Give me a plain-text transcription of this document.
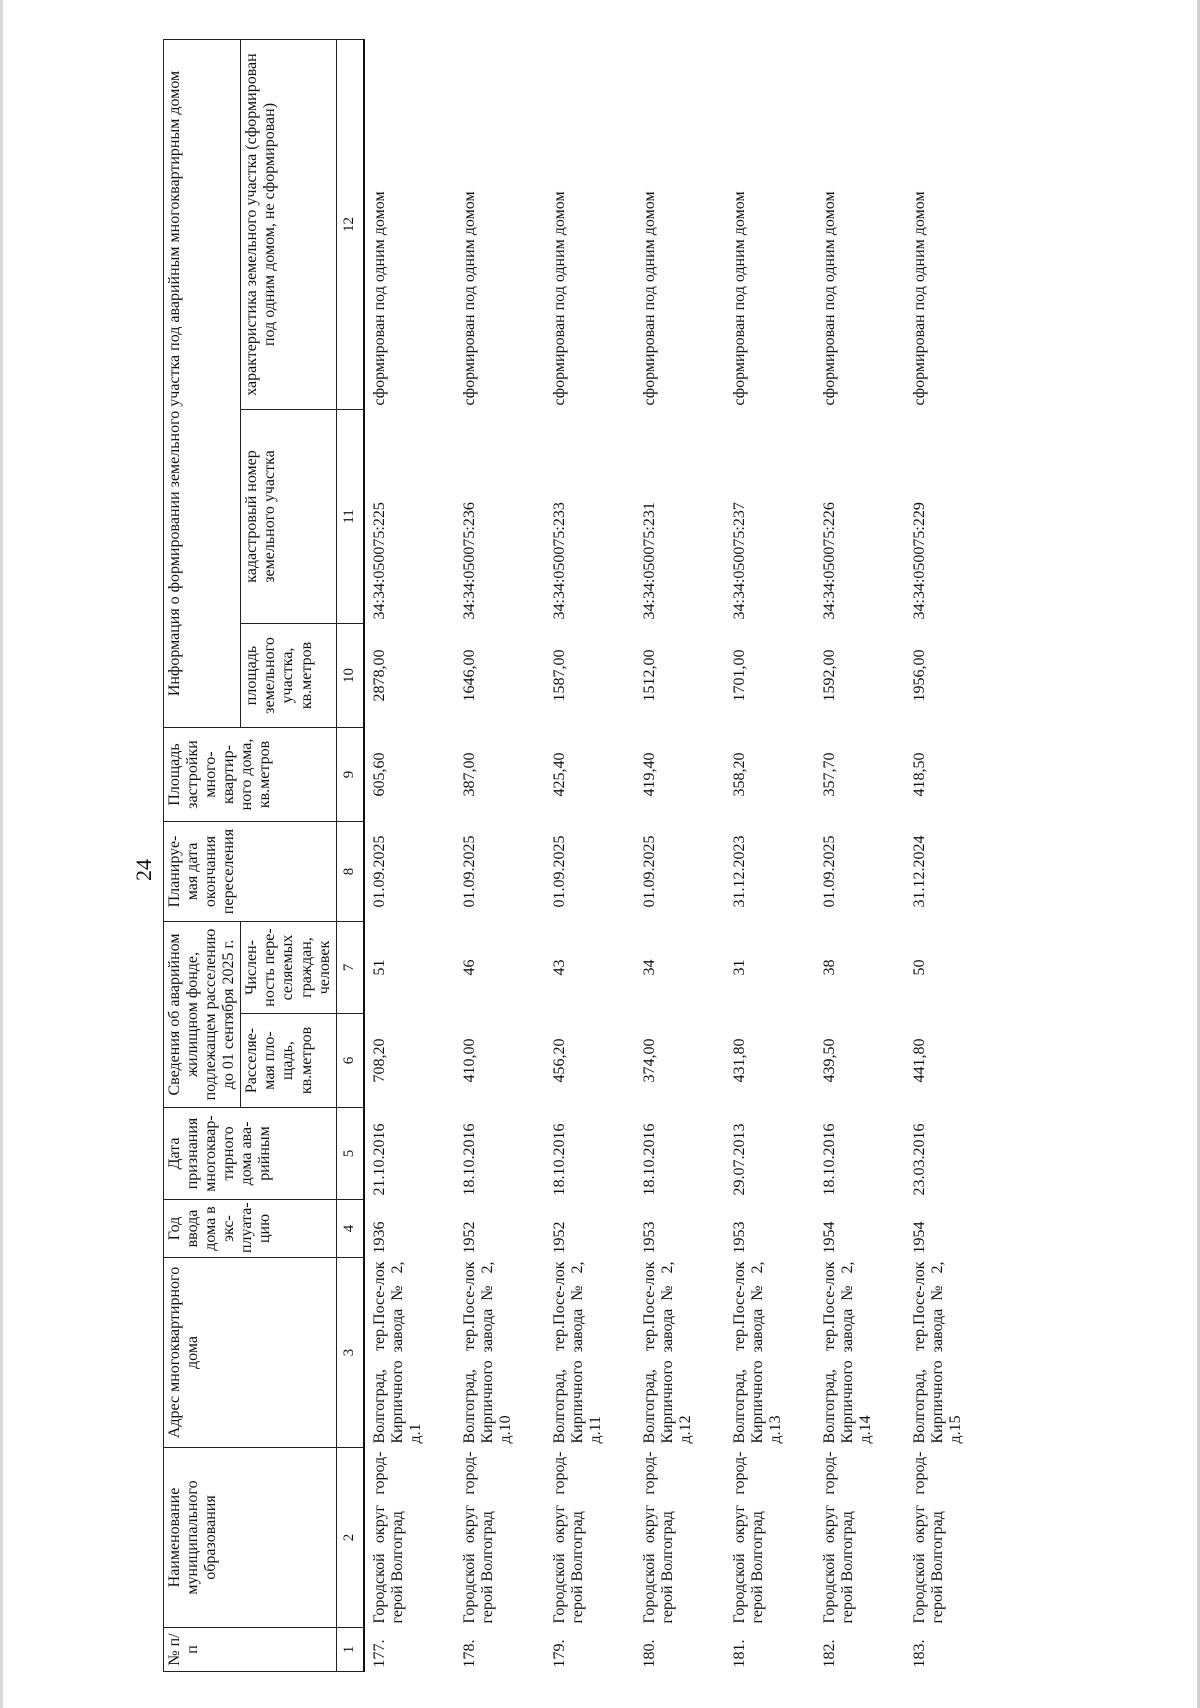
24
№ п/п	Наименование муниципального образования	Адрес многоквартирного дома	Год ввода дома в экс-плуата-цию	Дата признания многоквар-тирного дома ава-рийным	Сведения об аварийном жилищном фонде, подлежащем расселению до 01 сентября 2025 г.		Планируе-мая дата окончания переселения	Площадь застройки много-квартир-ного дома, кв.метров	Информация о формировании земельного участка под аварийным многоквартирным домом		
					Расселяе-мая пло-щадь, кв.метров	Числен-ность пере-селяемых граждан, человек			площадь земельного участка, кв.метров	кадастровый номер земельного участка	характеристика земельного участка (сформирован под одним домом, не сформирован)
1	2	3	4	5	6	7	8	9	10	11	12
177.	Городской округ город-герой Волгоград	Волгоград, тер.Посе-лок Кирпичного завода № 2, д.1	1936	21.10.2016	708,20	51	01.09.2025	605,60	2878,00	34:34:050075:225	сформирован под одним домом
178.	Городской округ город-герой Волгоград	Волгоград, тер.Посе-лок Кирпичного завода № 2, д.10	1952	18.10.2016	410,00	46	01.09.2025	387,00	1646,00	34:34:050075:236	сформирован под одним домом
179.	Городской округ город-герой Волгоград	Волгоград, тер.Посе-лок Кирпичного завода № 2, д.11	1952	18.10.2016	456,20	43	01.09.2025	425,40	1587,00	34:34:050075:233	сформирован под одним домом
180.	Городской округ город-герой Волгоград	Волгоград, тер.Посе-лок Кирпичного завода № 2, д.12	1953	18.10.2016	374,00	34	01.09.2025	419,40	1512,00	34:34:050075:231	сформирован под одним домом
181.	Городской округ город-герой Волгоград	Волгоград, тер.Посе-лок Кирпичного завода № 2, д.13	1953	29.07.2013	431,80	31	31.12.2023	358,20	1701,00	34:34:050075:237	сформирован под одним домом
182.	Городской округ город-герой Волгоград	Волгоград, тер.Посе-лок Кирпичного завода № 2, д.14	1954	18.10.2016	439,50	38	01.09.2025	357,70	1592,00	34:34:050075:226	сформирован под одним домом
183.	Городской округ город-герой Волгоград	Волгоград, тер.Посе-лок Кирпичного завода № 2, д.15	1954	23.03.2016	441,80	50	31.12.2024	418,50	1956,00	34:34:050075:229	сформирован под одним домом
